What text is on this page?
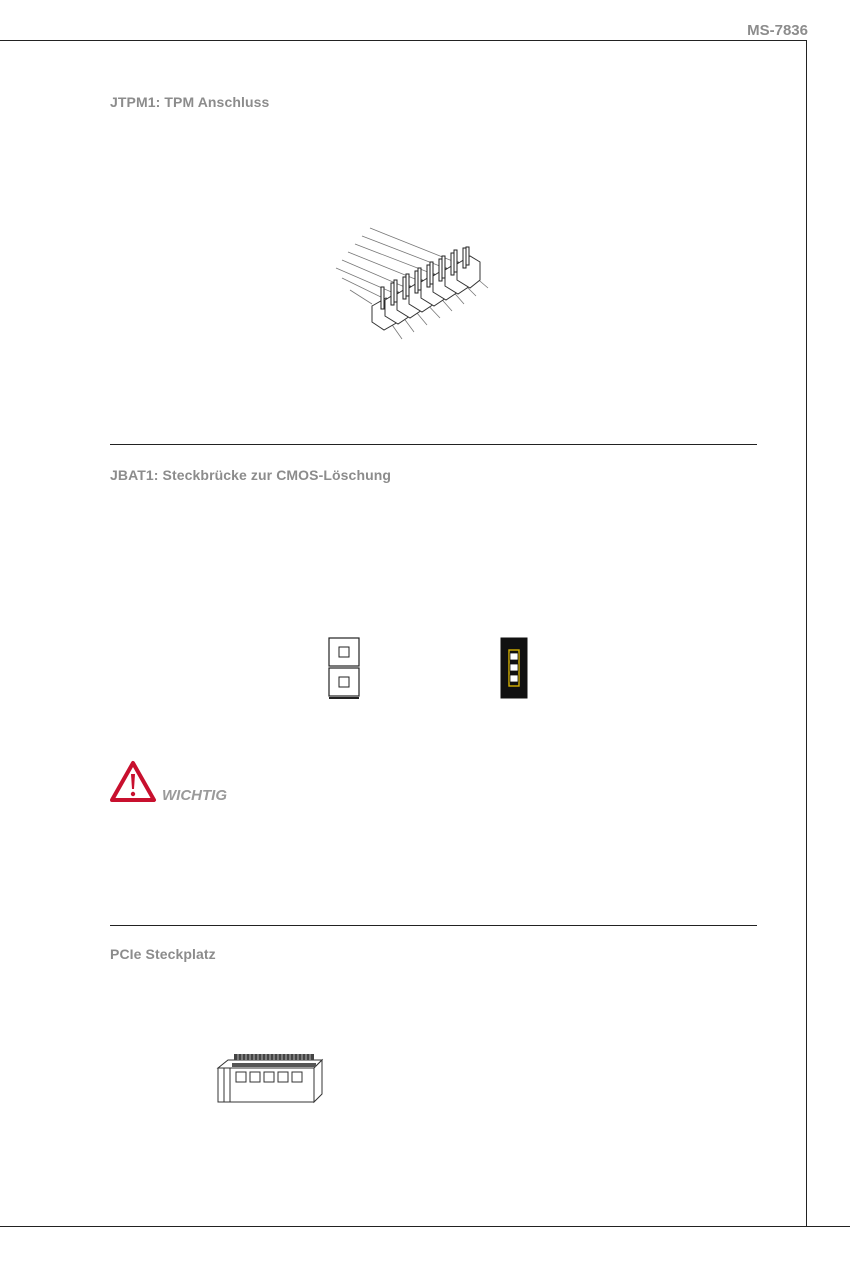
MS-7836
JTPM1: TPM Anschluss
JBAT1: Steckbrücke zur CMOS-Löschung
WICHTIG
PCIe Steckplatz
